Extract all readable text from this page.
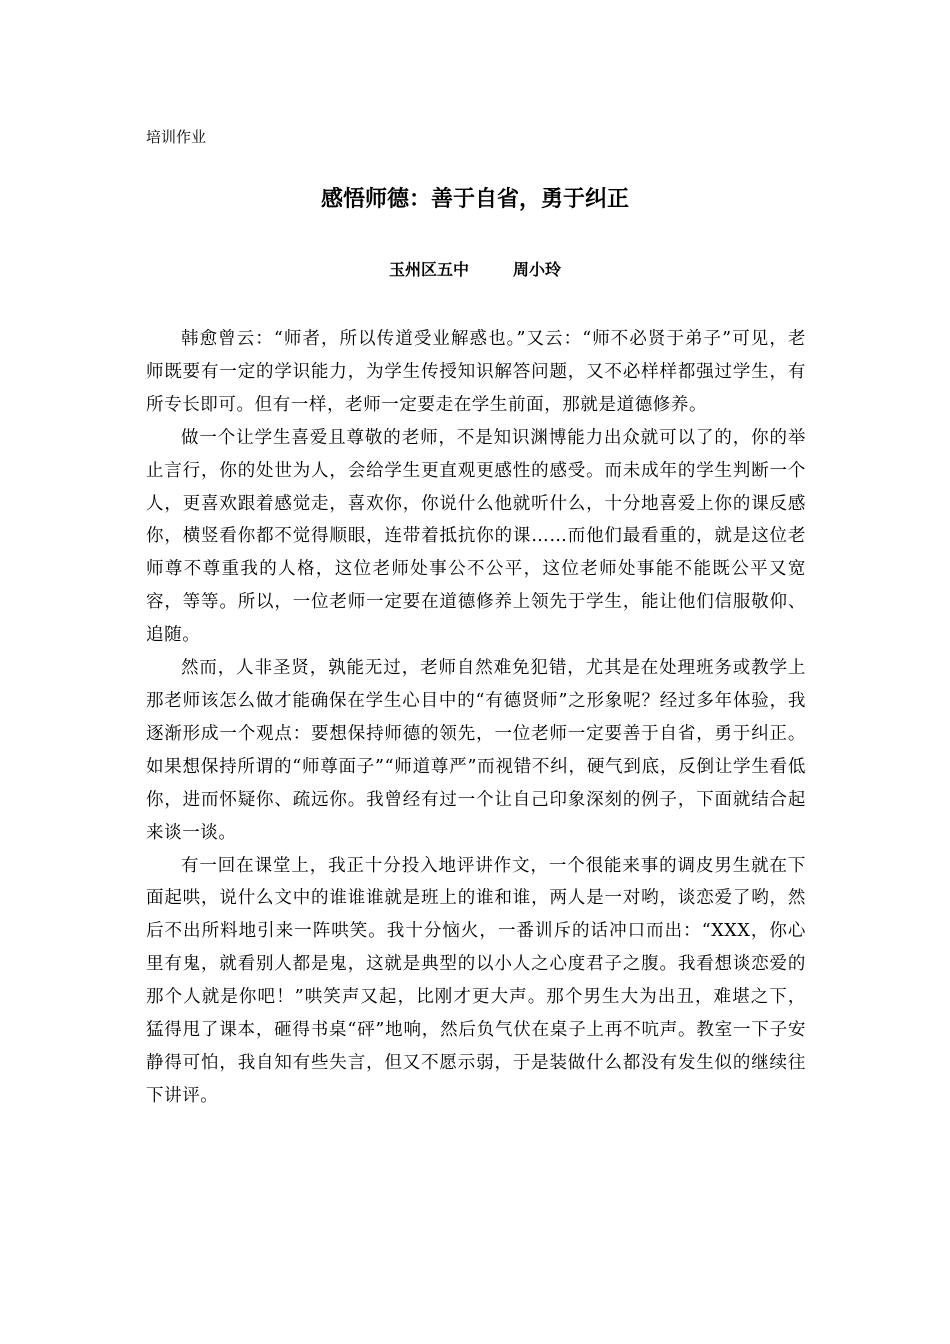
培训作业
感悟师德：善于自省，勇于纠正
玉州区五中	周小玲

韩愈曾云：“师者，所以传道受业解惑也。”又云：“师不必贤于弟子”可见，老师既要有一定的学识能力，为学生传授知识解答问题，又不必样样都强过学生，有所专长即可。但有一样，老师一定要走在学生前面，那就是道德修养。

做一个让学生喜爱且尊敬的老师，不是知识渊博能力出众就可以了的，你的举止言行，你的处世为人，会给学生更直观更感性的感受。而未成年的学生判断一个人，更喜欢跟着感觉走，喜欢你，你说什么他就听什么，十分地喜爱上你的课反感你，横竖看你都不觉得顺眼，连带着抵抗你的课……而他们最看重的，就是这位老师尊不尊重我的人格，这位老师处事公不公平，这位老师处事能不能既公平又宽容，等等。所以，一位老师一定要在道德修养上领先于学生，能让他们信服敬仰、追随。

然而，人非圣贤，孰能无过，老师自然难免犯错，尤其是在处理班务或教学上那老师该怎么做才能确保在学生心目中的“有德贤师”之形象呢？经过多年体验，我逐渐形成一个观点：要想保持师德的领先，一位老师一定要善于自省，勇于纠正。如果想保持所谓的“师尊面子”“师道尊严”而视错不纠，硬气到底，反倒让学生看低你，进而怀疑你、疏远你。我曾经有过一个让自己印象深刻的例子，下面就结合起来谈一谈。

有一回在课堂上，我正十分投入地评讲作文，一个很能来事的调皮男生就在下面起哄，说什么文中的谁谁谁就是班上的谁和谁，两人是一对哟，谈恋爱了哟，然后不出所料地引来一阵哄笑。我十分恼火，一番训斥的话冲口而出：“XXX，你心里有鬼，就看别人都是鬼，这就是典型的以小人之心度君子之腹。我看想谈恋爱的那个人就是你吧！”哄笑声又起，比刚才更大声。那个男生大为出丑，难堪之下，猛得甩了课本，砸得书桌“砰”地响，然后负气伏在桌子上再不吭声。教室一下子安静得可怕，我自知有些失言，但又不愿示弱，于是装做什么都没有发生似的继续往下讲评。
